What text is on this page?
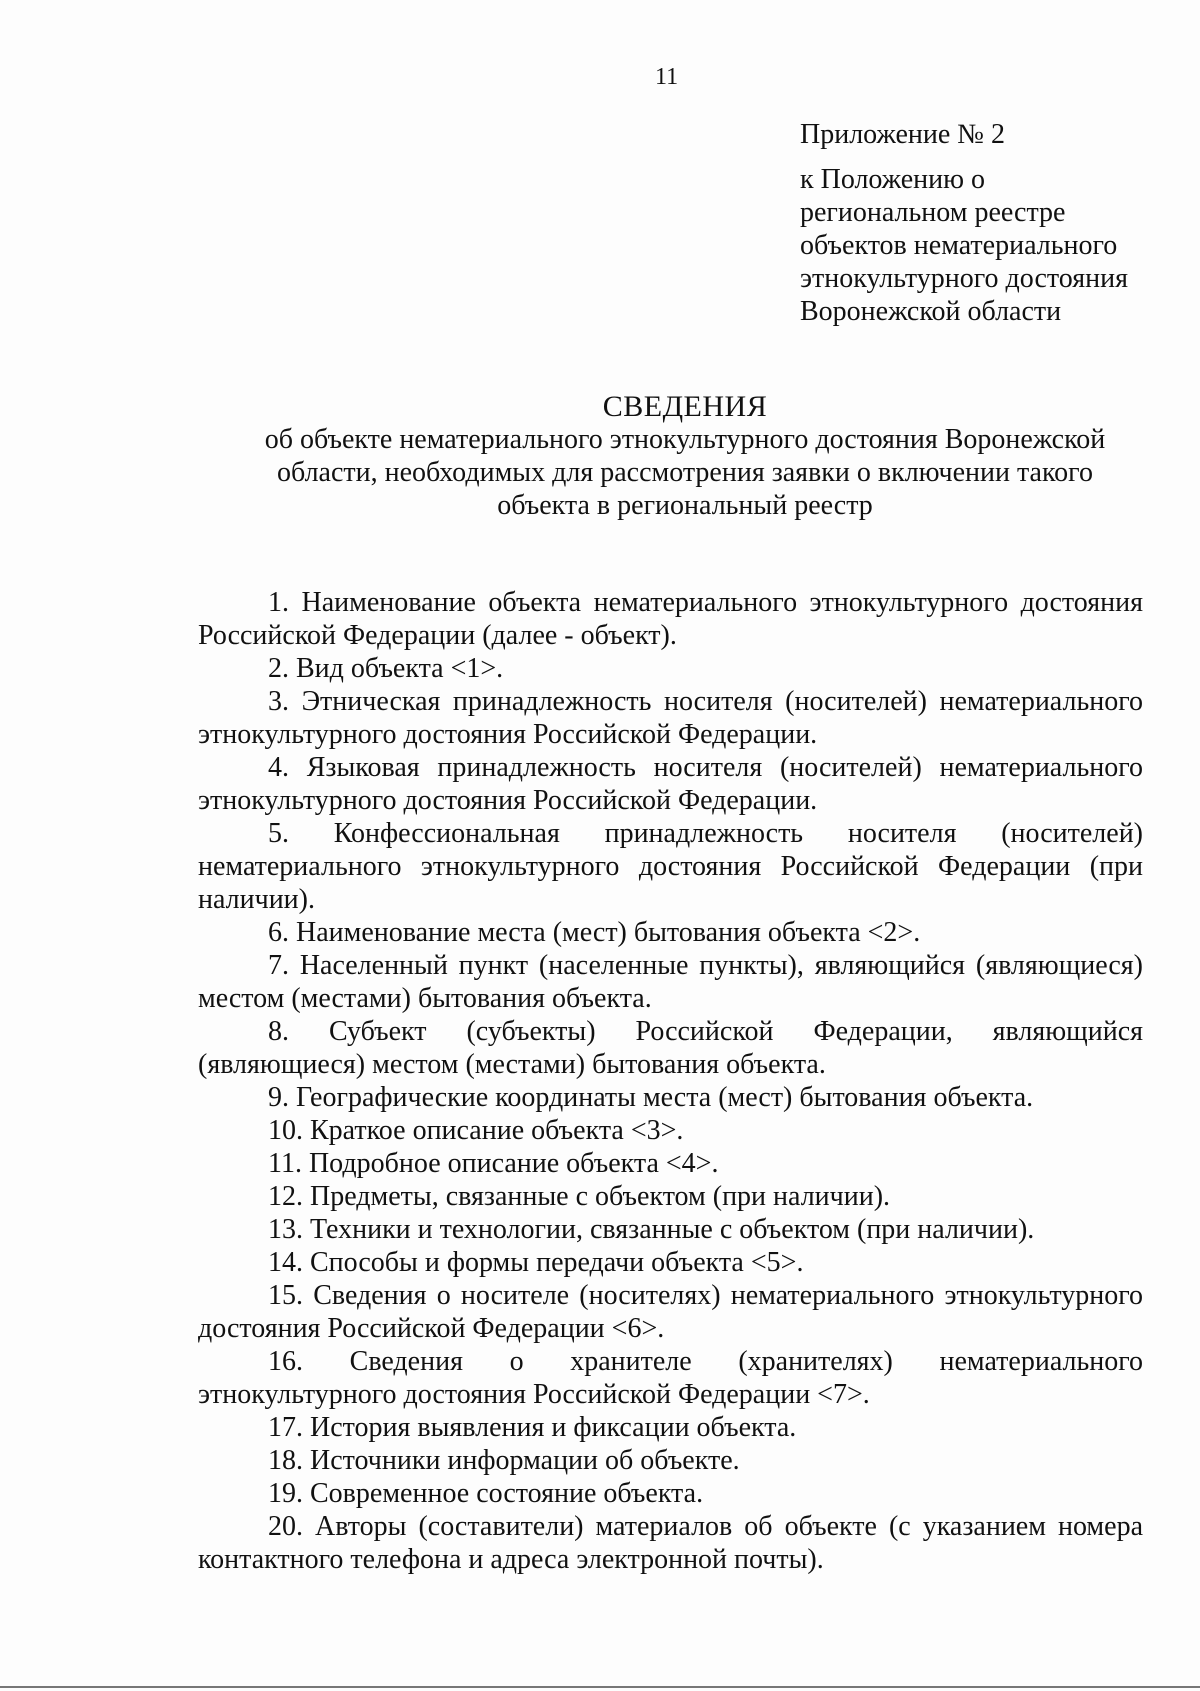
11
Приложение № 2
к Положению о
региональном реестре
объектов нематериального
этнокультурного достояния
Воронежской области
СВЕДЕНИЯ
об объекте нематериального этнокультурного достояния Воронежской
области, необходимых для рассмотрения заявки о включении такого
объекта в региональный реестр

1. Наименование объекта нематериального этнокультурного достояния Российской Федерации (далее - объект).

2. Вид объекта <1>.

3. Этническая принадлежность носителя (носителей) нематериального этнокультурного достояния Российской Федерации.

4. Языковая принадлежность носителя (носителей) нематериального этнокультурного достояния Российской Федерации.

5. Конфессиональная принадлежность носителя (носителей) нематериального этнокультурного достояния Российской Федерации (при наличии).

6. Наименование места (мест) бытования объекта <2>.

7. Населенный пункт (населенные пункты), являющийся (являющиеся) местом (местами) бытования объекта.

8. Субъект (субъекты) Российской Федерации, являющийся (являющиеся) местом (местами) бытования объекта.

9. Географические координаты места (мест) бытования объекта.

10. Краткое описание объекта <3>.

11. Подробное описание объекта <4>.

12. Предметы, связанные с объектом (при наличии).

13. Техники и технологии, связанные с объектом (при наличии).

14. Способы и формы передачи объекта <5>.

15. Сведения о носителе (носителях) нематериального этнокультурного достояния Российской Федерации <6>.

16. Сведения о хранителе (хранителях) нематериального этнокультурного достояния Российской Федерации <7>.

17. История выявления и фиксации объекта.

18. Источники информации об объекте.

19. Современное состояние объекта.

20. Авторы (составители) материалов об объекте (с указанием номера контактного телефона и адреса электронной почты).
